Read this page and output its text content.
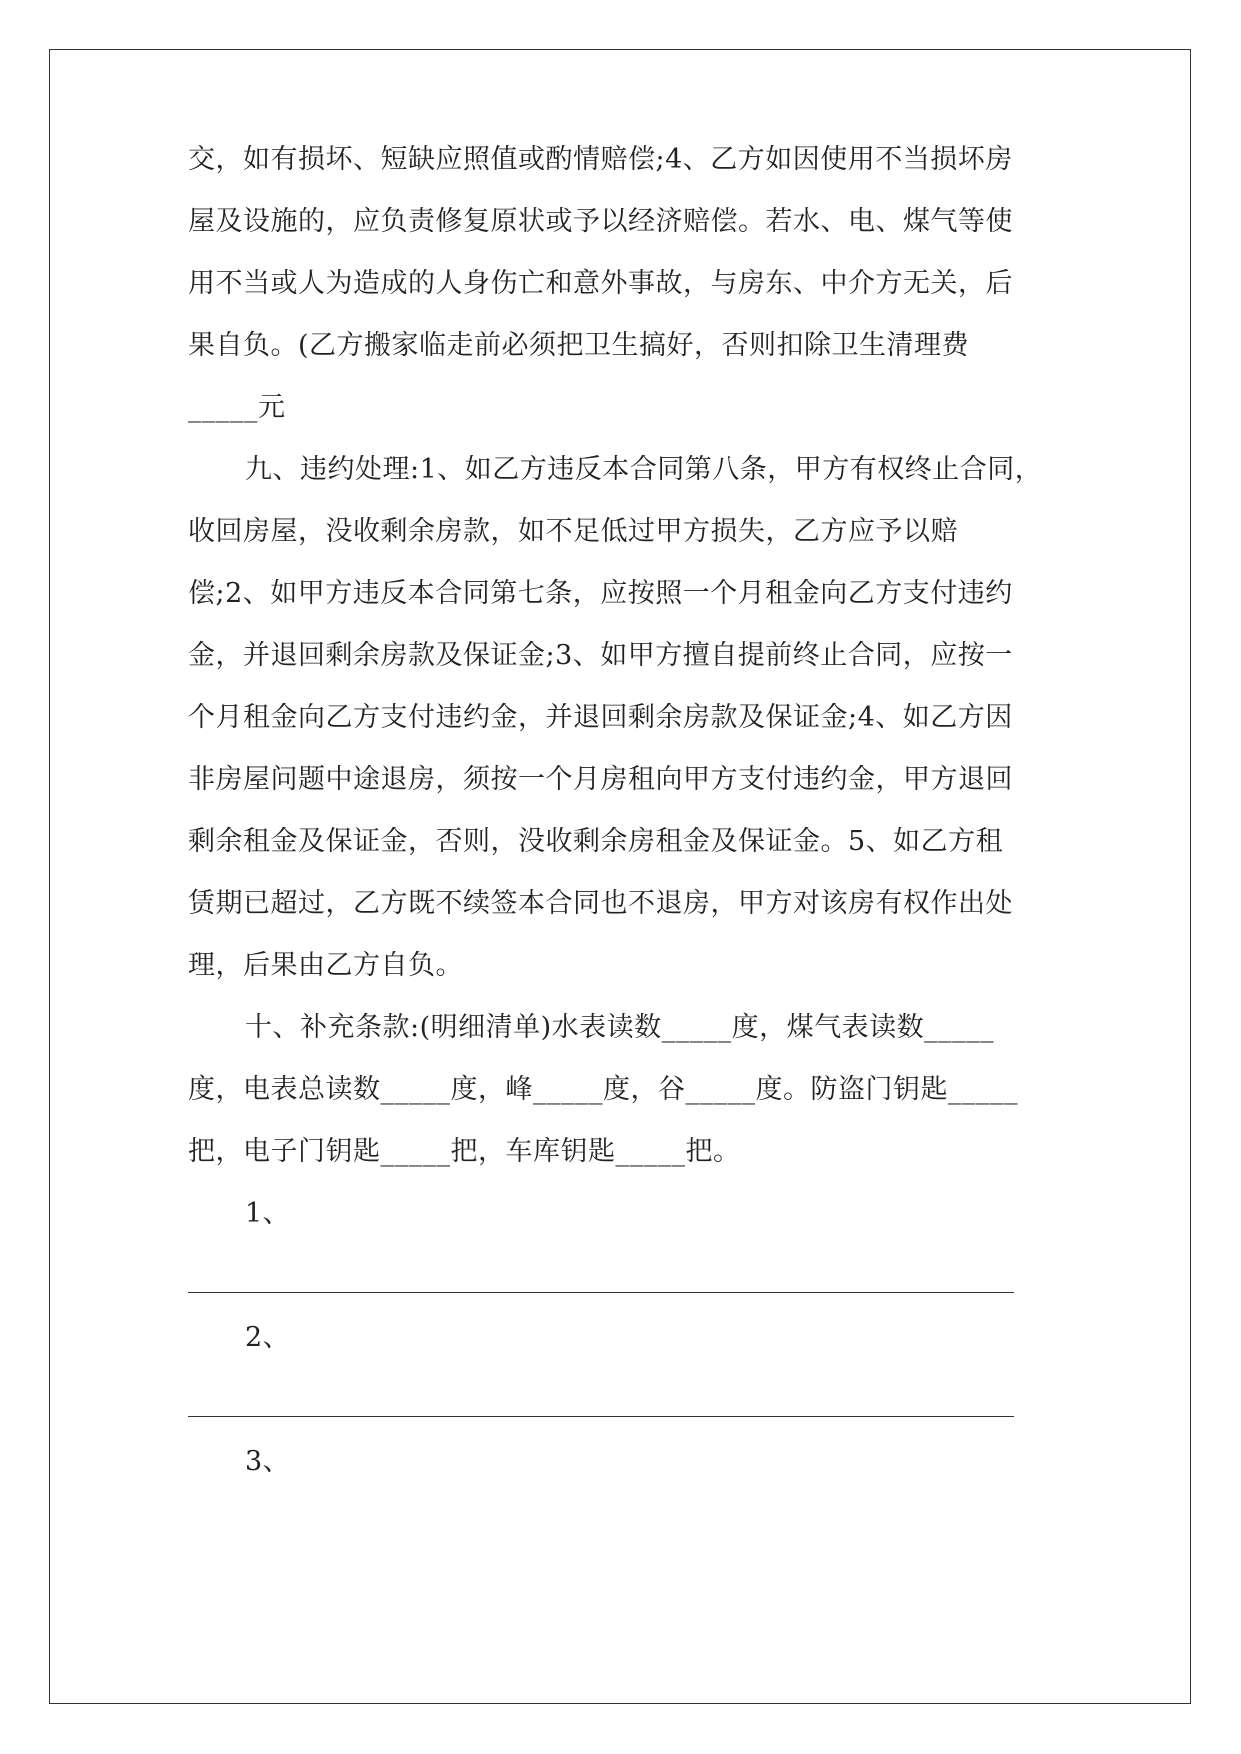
交，如有损坏、短缺应照值或酌情赔偿;4、乙方如因使用不当损坏房
屋及设施的，应负责修复原状或予以经济赔偿。若水、电、煤气等使
用不当或人为造成的人身伤亡和意外事故，与房东、中介方无关，后
果自负。(乙方搬家临走前必须把卫生搞好，否则扣除卫生清理费
_____元
九、违约处理:1、如乙方违反本合同第八条，甲方有权终止合同，
收回房屋，没收剩余房款，如不足低过甲方损失，乙方应予以赔
偿;2、如甲方违反本合同第七条，应按照一个月租金向乙方支付违约
金，并退回剩余房款及保证金;3、如甲方擅自提前终止合同，应按一
个月租金向乙方支付违约金，并退回剩余房款及保证金;4、如乙方因
非房屋问题中途退房，须按一个月房租向甲方支付违约金，甲方退回
剩余租金及保证金，否则，没收剩余房租金及保证金。5、如乙方租
赁期已超过，乙方既不续签本合同也不退房，甲方对该房有权作出处
理，后果由乙方自负。
十、补充条款:(明细清单)水表读数_____度，煤气表读数_____
度，电表总读数_____度，峰_____度，谷_____度。防盗门钥匙_____
把，电子门钥匙_____把，车库钥匙_____把。
1、
2、
3、
